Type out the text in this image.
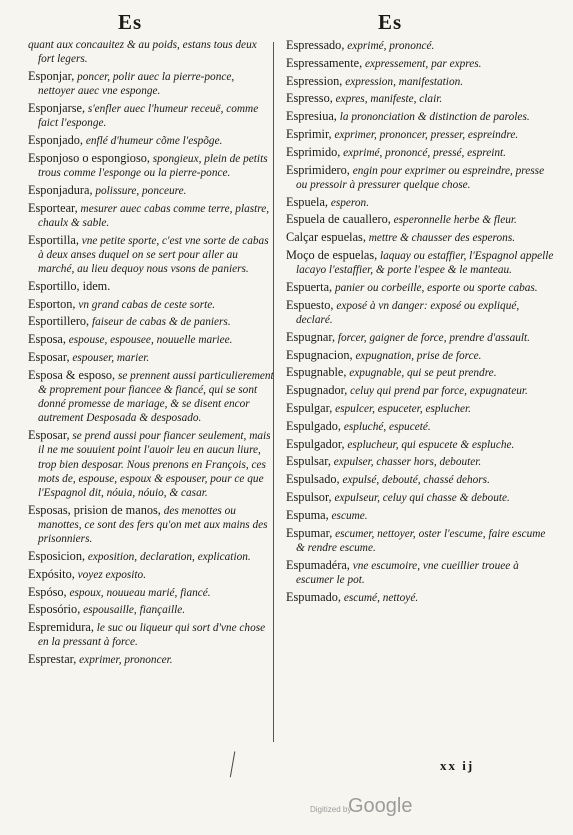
Es	Es

quant aux concauitez & au poids, estans tous deux fort legers.

Esponjar, poncer, polir auec la pierre-ponce, nettoyer auec vne esponge.

Esponjarse, s'enfler auec l'humeur receuë, comme faict l'esponge.

Esponjado, enflé d'humeur cõme l'espõge.

Esponjoso o espongioso, spongieux, plein de petits trous comme l'esponge ou la pierre-ponce.

Esponjadura, polissure, ponceure.

Esportear, mesurer auec cabas comme terre, plastre, chaulx & sable.

Esportilla, vne petite sporte, c'est vne sorte de cabas à deux anses duquel on se sert pour aller au marché, au lieu dequoy nous vsons de paniers.

Esportillo, idem.

Esporton, vn grand cabas de ceste sorte.

Esportillero, faiseur de cabas & de paniers.

Esposa, espouse, espousee, nouuelle mariee.

Esposar, espouser, marier.

Esposa & esposo, se prennent aussi particulierement & proprement pour fiancee & fiancé, qui se sont donné promesse de mariage, & se disent encor autrement Desposada & desposado.

Esposar, se prend aussi pour fiancer seulement, mais il ne me souuient point l'auoir leu en aucun liure, trop bien desposar. Nous prenons en François, ces mots de, espouse, espoux & espouser, pour ce que l'Espagnol dit, nóuia, nóuio, & casar.

Esposas, prision de manos, des menottes ou manottes, ce sont des fers qu'on met aux mains des prisonniers.

Esposicion, exposition, declaration, explication.

Expósito, voyez exposito.

Espóso, espoux, nouueau marié, fiancé.

Esposório, espousaille, fiançaille.

Espremidura, le suc ou liqueur qui sort d'vne chose en la pressant à force.

Esprestar, exprimer, prononcer.

Espressado, exprimé, prononcé.

Espressamente, expressement, par expres.

Espression, expression, manifestation.

Espresso, expres, manifeste, clair.

Espresiua, la prononciation & distinction de paroles.

Esprimir, exprimer, prononcer, presser, espreindre.

Esprimido, exprimé, prononcé, pressé, espreint.

Esprimidero, engin pour exprimer ou espreindre, presse ou pressoir à pressurer quelque chose.

Espuela, esperon.

Espuela de cauallero, esperonnelle herbe & fleur.

Calçar espuelas, mettre & chausser des esperons.

Moço de espuelas, laquay ou estaffier, l'Espagnol appelle lacayo l'estaffier, & porte l'espee & le manteau.

Espuerta, panier ou corbeille, esporte ou sporte cabas.

Espuesto, exposé à vn danger: exposé ou expliqué, declaré.

Espugnar, forcer, gaigner de force, prendre d'assault.

Espugnacion, expugnation, prise de force.

Espugnable, expugnable, qui se peut prendre.

Espugnador, celuy qui prend par force, expugnateur.

Espulgar, espulcer, espuceter, esplucher.

Espulgado, espluché, espuceté.

Espulgador, esplucheur, qui espucete & espluche.

Espulsar, expulser, chasser hors, debouter.

Espulsado, expulsé, debouté, chassé dehors.

Espulsor, expulseur, celuy qui chasse & deboute.

Espuma, escume.

Espumar, escumer, nettoyer, oster l'escume, faire escume & rendre escume.

Espumadéra, vne escumoire, vne cueillier trouee à escumer le pot.

Espumado, escumé, nettoyé.

xx ij
Digitized by
Google
